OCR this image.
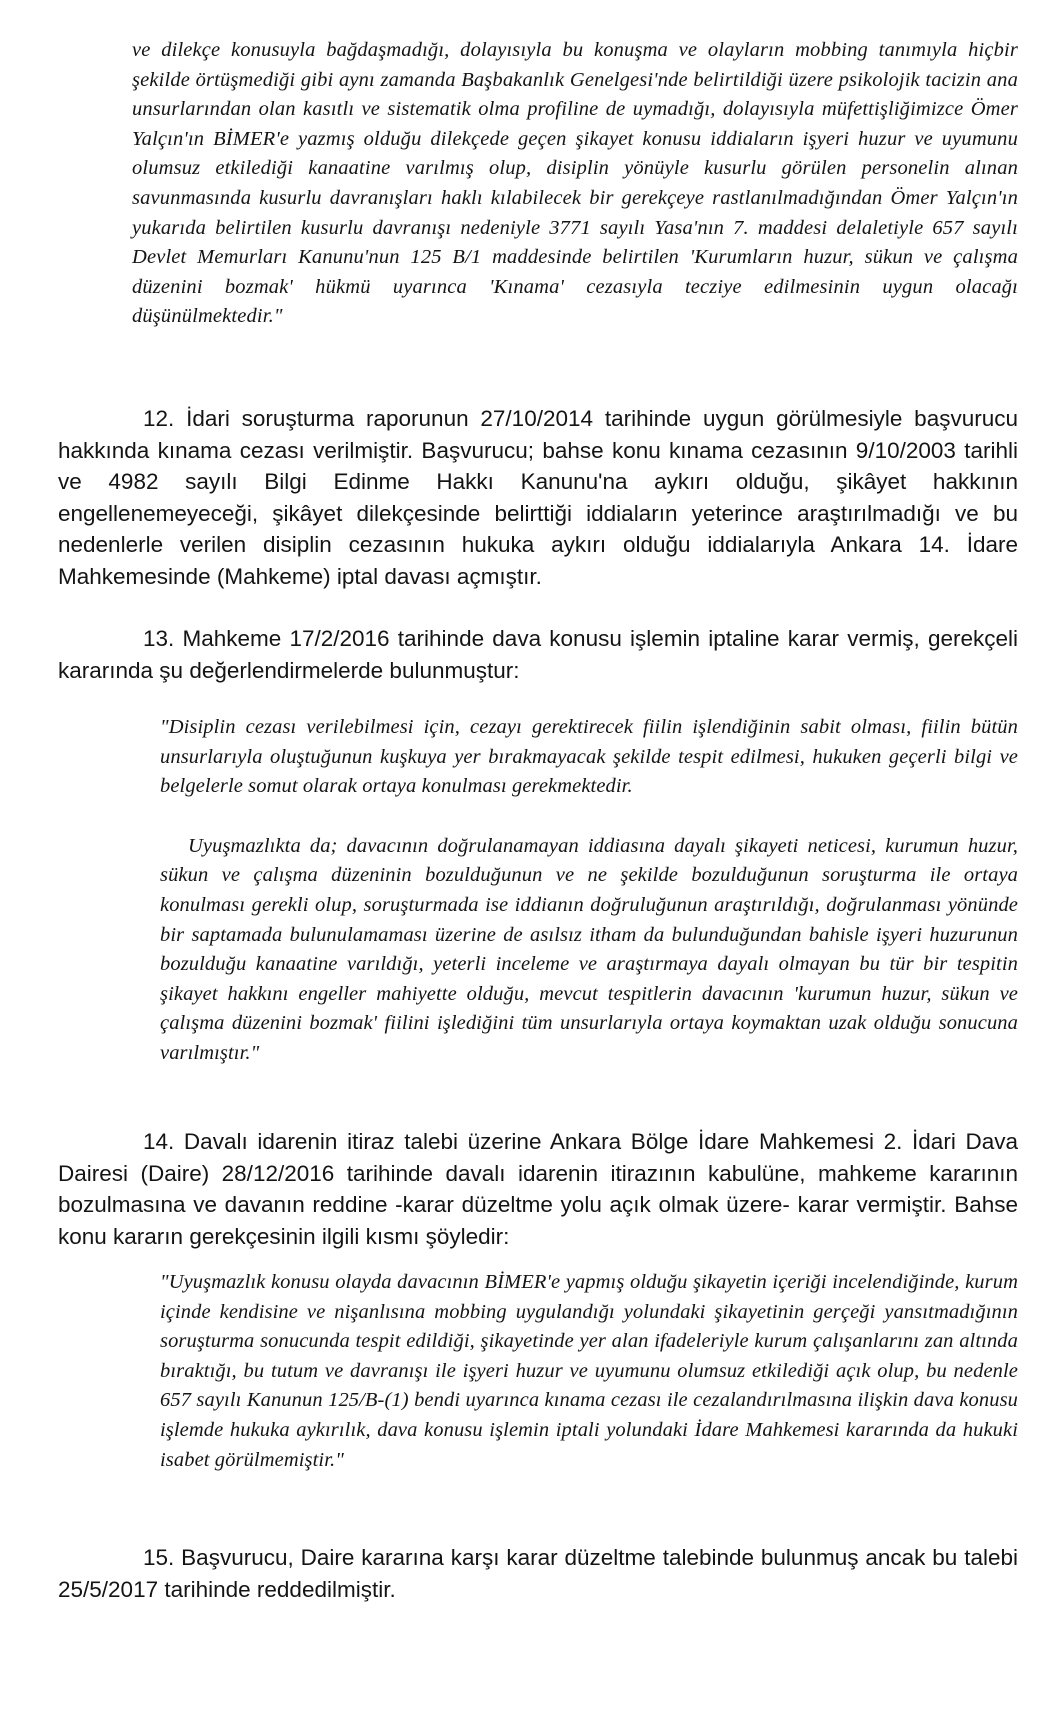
ve dilekçe konusuyla bağdaşmadığı, dolayısıyla bu konuşma ve olayların mobbing tanımıyla hiçbir şekilde örtüşmediği gibi aynı zamanda Başbakanlık Genelgesi'nde belirtildiği üzere psikolojik tacizin ana unsurlarından olan kasıtlı ve sistematik olma profiline de uymadığı, dolayısıyla müfettişliğimizce Ömer Yalçın'ın BİMER'e yazmış olduğu dilekçede geçen şikayet konusu iddiaların işyeri huzur ve uyumunu olumsuz etkilediği kanaatine varılmış olup, disiplin yönüyle kusurlu görülen personelin alınan savunmasında kusurlu davranışları haklı kılabilecek bir gerekçeye rastlanılmadığından Ömer Yalçın'ın yukarıda belirtilen kusurlu davranışı nedeniyle 3771 sayılı Yasa'nın 7. maddesi delaletiyle 657 sayılı Devlet Memurları Kanunu'nun 125 B/1 maddesinde belirtilen 'Kurumların huzur, sükun ve çalışma düzenini bozmak' hükmü uyarınca 'Kınama' cezasıyla tecziye edilmesinin uygun olacağı düşünülmektedir."
12. İdari soruşturma raporunun 27/10/2014 tarihinde uygun görülmesiyle başvurucu hakkında kınama cezası verilmiştir. Başvurucu; bahse konu kınama cezasının 9/10/2003 tarihli ve 4982 sayılı Bilgi Edinme Hakkı Kanunu'na aykırı olduğu, şikâyet hakkının engellenemeyeceği, şikâyet dilekçesinde belirttiği iddiaların yeterince araştırılmadığı ve bu nedenlerle verilen disiplin cezasının hukuka aykırı olduğu iddialarıyla Ankara 14. İdare Mahkemesinde (Mahkeme) iptal davası açmıştır.
13. Mahkeme 17/2/2016 tarihinde dava konusu işlemin iptaline karar vermiş, gerekçeli kararında şu değerlendirmelerde bulunmuştur:

"Disiplin cezası verilebilmesi için, cezayı gerektirecek fiilin işlendiğinin sabit olması, fiilin bütün unsurlarıyla oluştuğunun kuşkuya yer bırakmayacak şekilde tespit edilmesi, hukuken geçerli bilgi ve belgelerle somut olarak ortaya konulması gerekmektedir.

Uyuşmazlıkta da; davacının doğrulanamayan iddiasına dayalı şikayeti neticesi, kurumun huzur, sükun ve çalışma düzeninin bozulduğunun ve ne şekilde bozulduğunun soruşturma ile ortaya konulması gerekli olup, soruşturmada ise iddianın doğruluğunun araştırıldığı, doğrulanması yönünde bir saptamada bulunulamaması üzerine de asılsız itham da bulunduğundan bahisle işyeri huzurunun bozulduğu kanaatine varıldığı, yeterli inceleme ve araştırmaya dayalı olmayan bu tür bir tespitin şikayet hakkını engeller mahiyette olduğu, mevcut tespitlerin davacının 'kurumun huzur, sükun ve çalışma düzenini bozmak' fiilini işlediğini tüm unsurlarıyla ortaya koymaktan uzak olduğu sonucuna varılmıştır."

14. Davalı idarenin itiraz talebi üzerine Ankara Bölge İdare Mahkemesi 2. İdari Dava Dairesi (Daire) 28/12/2016 tarihinde davalı idarenin itirazının kabulüne, mahkeme kararının bozulmasına ve davanın reddine -karar düzeltme yolu açık olmak üzere- karar vermiştir. Bahse konu kararın gerekçesinin ilgili kısmı şöyledir:

"Uyuşmazlık konusu olayda davacının BİMER'e yapmış olduğu şikayetin içeriği incelendiğinde, kurum içinde kendisine ve nişanlısına mobbing uygulandığı yolundaki şikayetinin gerçeği yansıtmadığının soruşturma sonucunda tespit edildiği, şikayetinde yer alan ifadeleriyle kurum çalışanlarını zan altında bıraktığı, bu tutum ve davranışı ile işyeri huzur ve uyumunu olumsuz etkilediği açık olup, bu nedenle 657 sayılı Kanunun 125/B-(1) bendi uyarınca kınama cezası ile cezalandırılmasına ilişkin dava konusu işlemde hukuka aykırılık, dava konusu işlemin iptali yolundaki İdare Mahkemesi kararında da hukuki isabet görülmemiştir."

15. Başvurucu, Daire kararına karşı karar düzeltme talebinde bulunmuş ancak bu talebi 25/5/2017 tarihinde reddedilmiştir.
